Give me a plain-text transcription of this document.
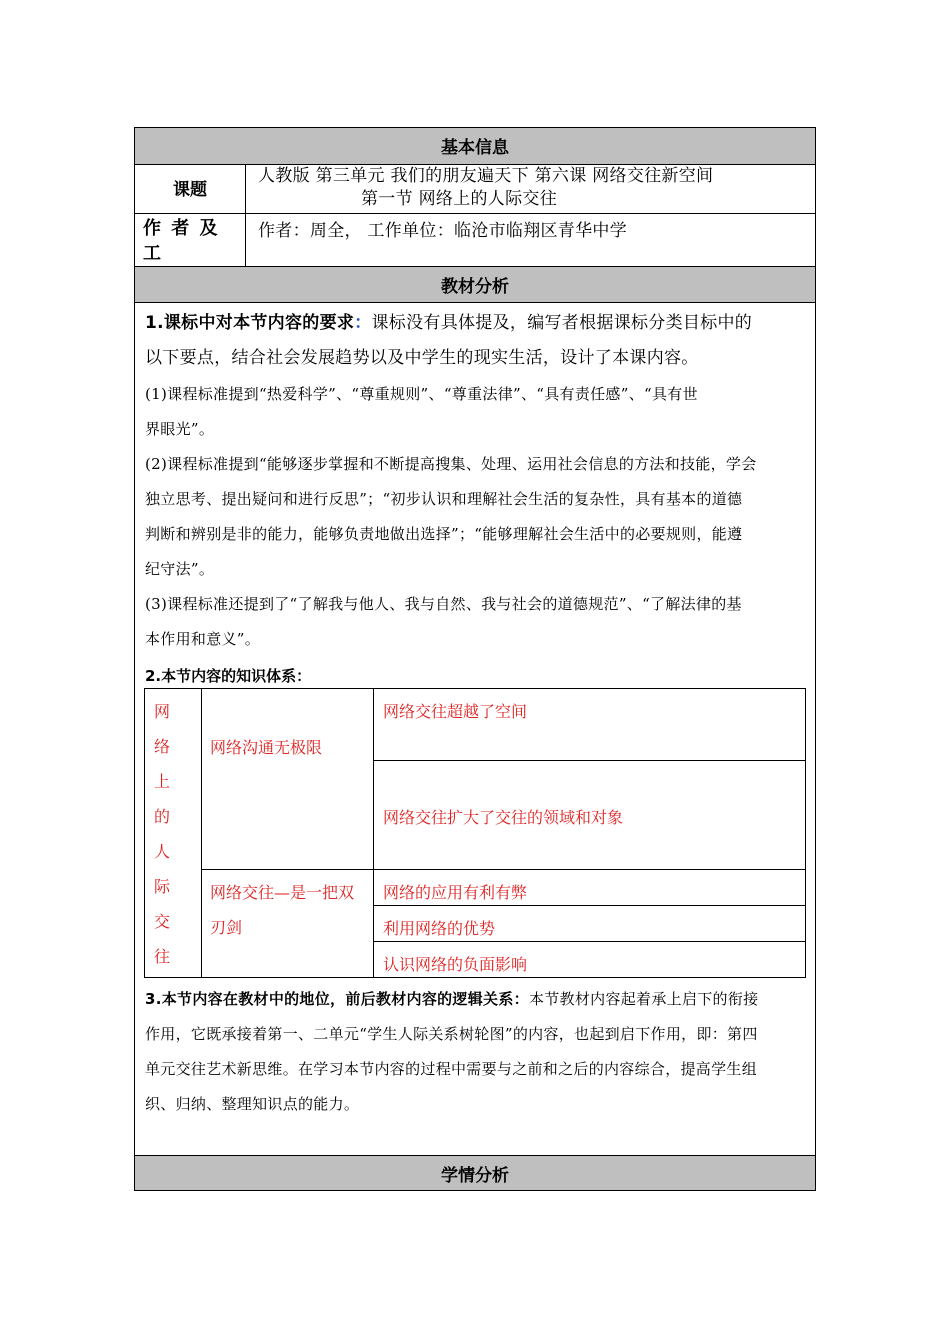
基本信息
课题
人教版 第三单元 我们的朋友遍天下 第六课 网络交往新空间
第一节 网络上的人际交往
作 者 及 工
作者：周全， 工作单位：临沧市临翔区青华中学
教材分析
1.课标中对本节内容的要求：课标没有具体提及，编写者根据课标分类目标中的
以下要点，结合社会发展趋势以及中学生的现实生活，设计了本课内容。
(1)课程标准提到“热爱科学”、“尊重规则”、“尊重法律”、“具有责任感”、“具有世
界眼光”。
(2)课程标准提到“能够逐步掌握和不断提高搜集、处理、运用社会信息的方法和技能，学会
独立思考、提出疑问和进行反思”；“初步认识和理解社会生活的复杂性，具有基本的道德
判断和辨别是非的能力，能够负责地做出选择”；“能够理解社会生活中的必要规则，能遵
纪守法”。
(3)课程标准还提到了“了解我与他人、我与自然、我与社会的道德规范”、“了解法律的基
本作用和意义”。
2.本节内容的知识体系：
网
络
上
的
人
际
交
往
网络沟通无极限
网络交往超越了空间
网络交往扩大了交往的领域和对象
网络交往—是一把双
刃剑
网络的应用有利有弊
利用网络的优势
认识网络的负面影响
3.本节内容在教材中的地位，前后教材内容的逻辑关系：本节教材内容起着承上启下的衔接
作用，它既承接着第一、二单元“学生人际关系树轮图”的内容，也起到启下作用，即：第四
单元交往艺术新思维。在学习本节内容的过程中需要与之前和之后的内容综合，提高学生组
织、归纳、整理知识点的能力。
学情分析
